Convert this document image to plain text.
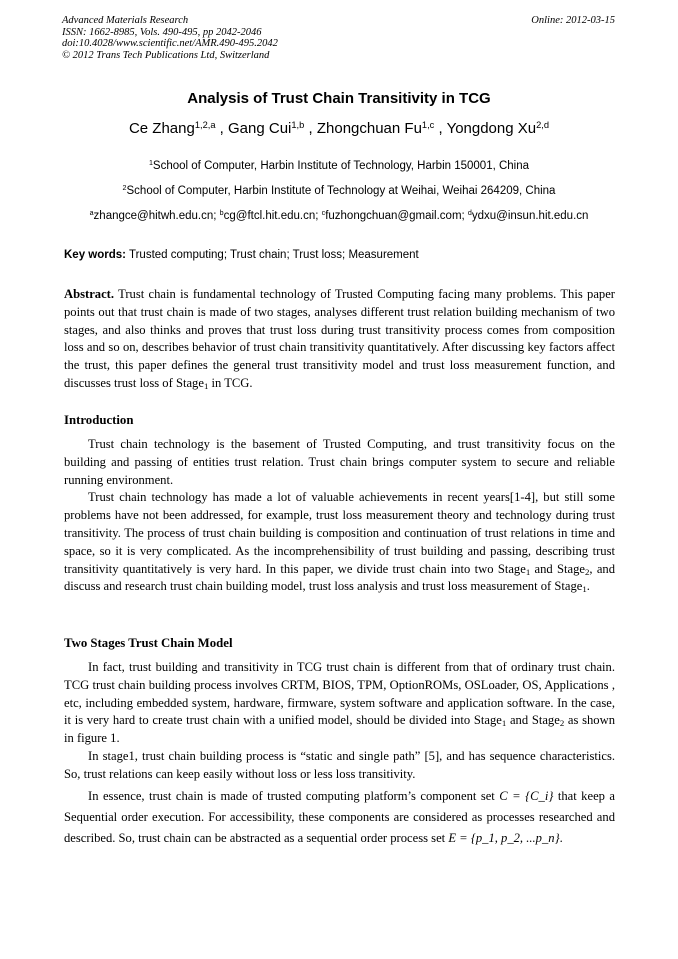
Advanced Materials Research
ISSN: 1662-8985, Vols. 490-495, pp 2042-2046
doi:10.4028/www.scientific.net/AMR.490-495.2042
© 2012 Trans Tech Publications Ltd, Switzerland
Online: 2012-03-15
Analysis of Trust Chain Transitivity in TCG
Ce Zhang$^{1,2,a}$ , Gang Cui$^{1,b}$ , Zhongchuan Fu$^{1,c}$ , Yongdong Xu$^{2,d}$
$^1$School of Computer, Harbin Institute of Technology, Harbin 150001, China
$^2$School of Computer, Harbin Institute of Technology at Weihai, Weihai 264209, China
$^a$zhangce@hitwh.edu.cn; $^b$cg@ftcl.hit.edu.cn; $^c$fuzhongchuan@gmail.com; $^d$ydxu@insun.hit.edu.cn
Key words: Trusted computing; Trust chain; Trust loss; Measurement

Abstract. Trust chain is fundamental technology of Trusted Computing facing many problems. This paper points out that trust chain is made of two stages, analyses different trust relation building mechanism of two stages, and also thinks and proves that trust loss during trust transitivity process comes from composition loss and so on, describes behavior of trust chain transitivity quantitatively. After discussing key factors affect the trust, this paper defines the general trust transitivity model and trust loss measurement function, and discusses trust loss of Stage$_1$ in TCG.

Introduction

Trust chain technology is the basement of Trusted Computing, and trust transitivity focus on the building and passing of entities trust relation. Trust chain brings computer system to secure and reliable running environment.

Trust chain technology has made a lot of valuable achievements in recent years[1-4], but still some problems have not been addressed, for example, trust loss measurement theory and technology during trust transitivity. The process of trust chain building is composition and continuation of trust relations in time and space, so it is very complicated. As the incomprehensibility of trust building and passing, describing trust transitivity quantitatively is very hard. In this paper, we divide trust chain into two Stage$_1$ and Stage$_2$, and discuss and research trust chain building model, trust loss analysis and trust loss measurement of Stage$_1$.

Two Stages Trust Chain Model

In fact, trust building and transitivity in TCG trust chain is different from that of ordinary trust chain. TCG trust chain building process involves CRTM, BIOS, TPM, OptionROMs, OSLoader, OS, Applications , etc, including embedded system, hardware, firmware, system software and application software. In the case, it is very hard to create trust chain with a unified model, should be divided into Stage$_1$ and Stage$_2$ as shown in figure 1.

In stage1, trust chain building process is “static and single path” [5], and has sequence characteristics. So, trust relations can keep easily without loss or less loss transitivity.

In essence, trust chain is made of trusted computing platform’s component set C = {C_i} that keep a Sequential order execution. For accessibility, these components are considered as processes researched and described. So, trust chain can be abstracted as a sequential order process set E = {p_1, p_2, ...p_n}.
